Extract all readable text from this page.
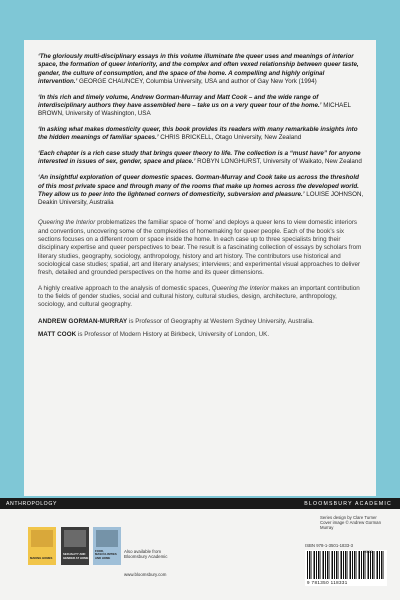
‘The gloriously multi-disciplinary essays in this volume illuminate the queer uses and meanings of interior space, the formation of queer interiority, and the complex and often vexed relationship between queer taste, gender, the culture of consumption, and the space of the home. A compelling and highly original intervention.’ GEORGE CHAUNCEY, Columbia University, USA and author of Gay New York (1994)
‘In this rich and timely volume, Andrew Gorman-Murray and Matt Cook – and the wide range of interdisciplinary authors they have assembled here – take us on a very queer tour of the home.’ MICHAEL BROWN, University of Washington, USA
‘In asking what makes domesticity queer, this book provides its readers with many remarkable insights into the hidden meanings of familiar spaces.’ CHRIS BRICKELL, Otago University, New Zealand
‘Each chapter is a rich case study that brings queer theory to life. The collection is a “must have” for anyone interested in issues of sex, gender, space and place.’ ROBYN LONGHURST, University of Waikato, New Zealand
‘An insightful exploration of queer domestic spaces. Gorman-Murray and Cook take us across the threshold of this most private space and through many of the rooms that make up homes across the developed world. They allow us to peer into the lightened corners of domesticity, subversion and pleasure.’ LOUISE JOHNSON, Deakin University, Australia

Queering the Interior problematizes the familiar space of ‘home’ and deploys a queer lens to view domestic interiors and conventions, uncovering some of the complexities of homemaking for queer people. Each of the book’s six sections focuses on a different room or space inside the home. In each case up to three specialists bring their disciplinary expertise and queer perspectives to bear. The result is a fascinating collection of essays by scholars from literary studies, geography, sociology, anthropology, history and art history. The contributors use historical and sociological case studies; spatial, art and literary analyses; interviews; and experimental visual approaches to deliver fresh, detailed and grounded perspectives on the home and its queer dimensions.

A highly creative approach to the analysis of domestic spaces, Queering the Interior makes an important contribution to the fields of gender studies, social and cultural history, cultural studies, design, architecture, anthropology, sociology, and cultural geography.

ANDREW GORMAN-MURRAY is Professor of Geography at Western Sydney University, Australia.

MATT COOK is Professor of Modern History at Birkbeck, University of London, UK.

ANTHROPOLOGY	BLOOMSBURY ACADEMIC
MAKING HOMES
SEXUALITY AND GENDER AT HOME
FOOD, MASCULINITIES AND HOME
Also available from
Bloomsbury Academic
www.bloomsbury.com
Series design by Clare Turner
Cover image © Andrew Gorman Murray
ISBN 978-1-3501-1833-3
9 781350 118331
90000
